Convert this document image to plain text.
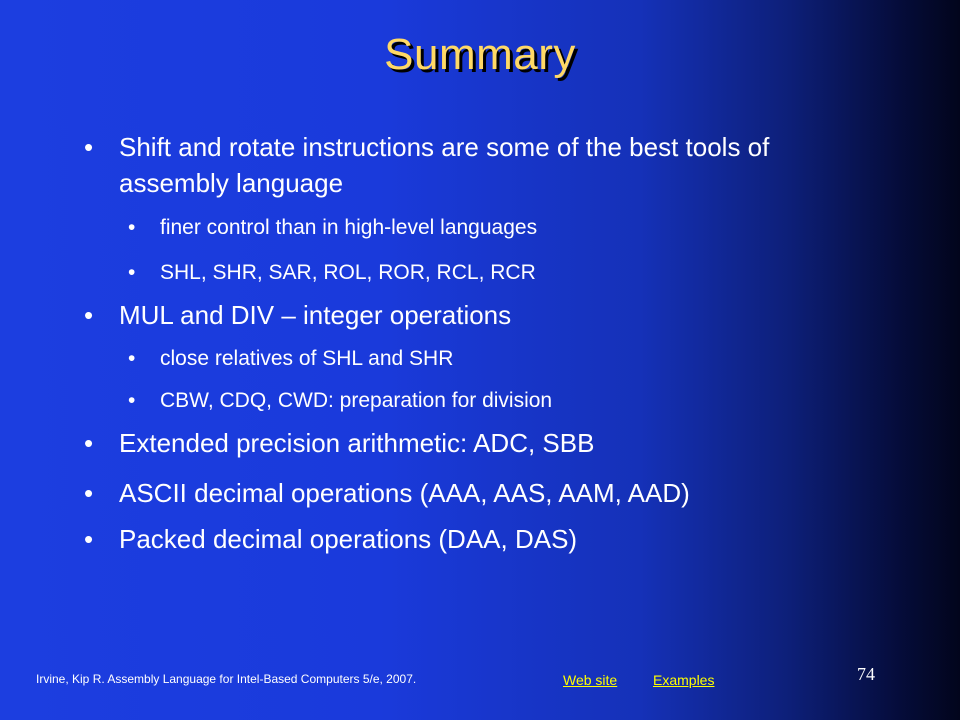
Summary
• Shift and rotate instructions are some of the best tools of assembly language
• finer control than in high-level languages
• SHL, SHR, SAR, ROL, ROR, RCL, RCR
• MUL and DIV – integer operations
• close relatives of SHL and SHR
• CBW, CDQ, CWD: preparation for division
• Extended precision arithmetic: ADC, SBB
• ASCII decimal operations (AAA, AAS, AAM, AAD)
• Packed decimal operations (DAA, DAS)
Irvine, Kip R. Assembly Language for Intel-Based Computers 5/e, 2007.	Web site	Examples	74
